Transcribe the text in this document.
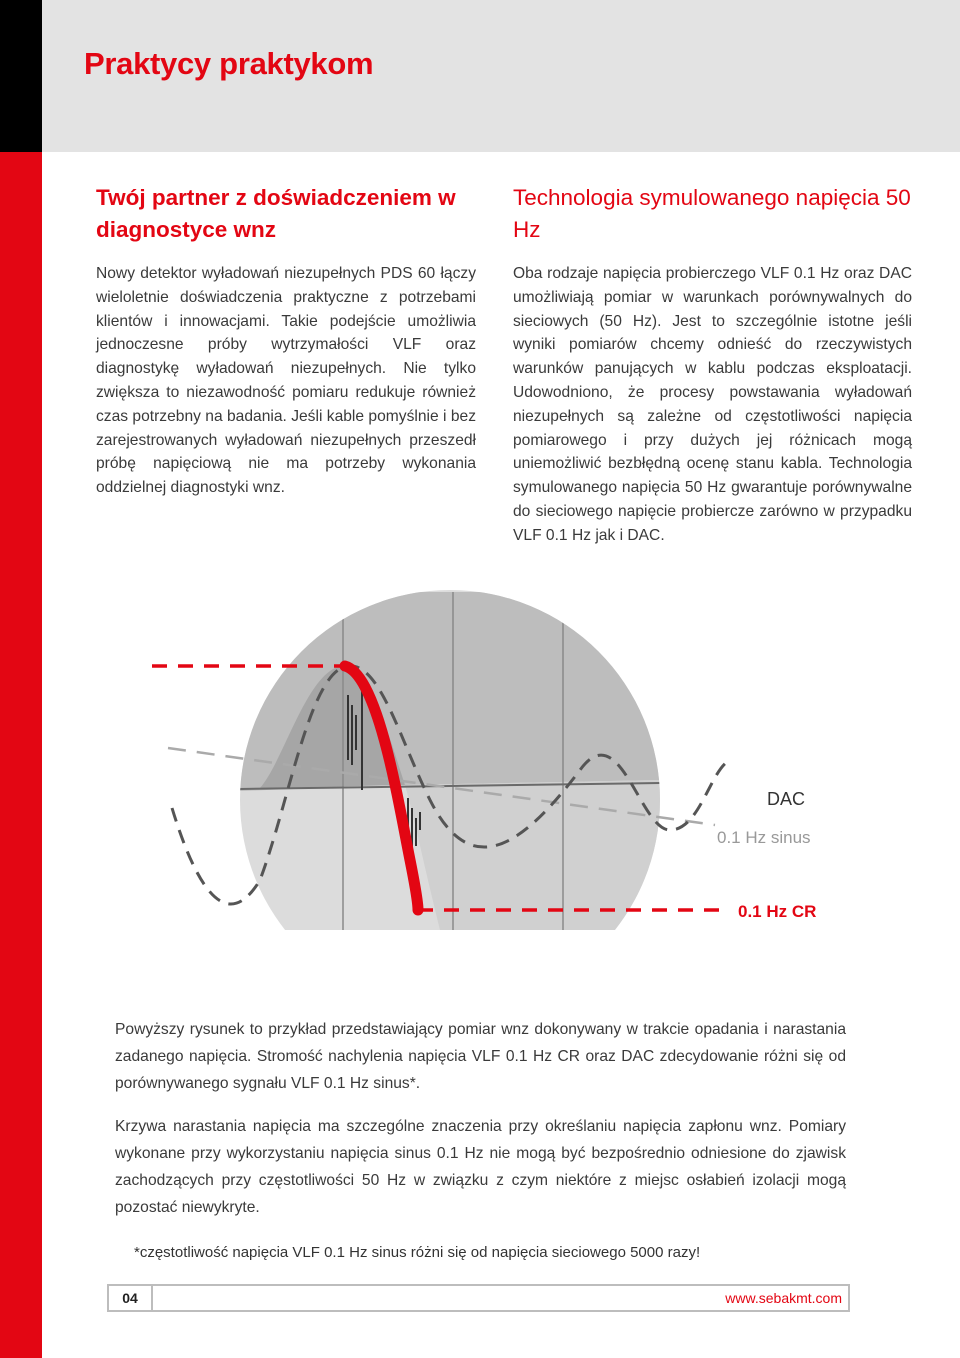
Praktycy praktykom
Twój partner z doświadczeniem w diagnostyce wnz

Nowy detektor wyładowań niezupełnych PDS 60 łączy wieloletnie doświadczenia praktyczne z potrzebami klientów i innowacjami. Takie podejście umożliwia jednoczesne próby wytrzymałości VLF oraz diagnostykę wyładowań niezupełnych. Nie tylko zwiększa to niezawodność pomiaru redukuje również czas potrzebny na badania. Jeśli kable pomyślnie i bez zarejestrowanych wyładowań niezupełnych przeszedł próbę napięciową nie ma potrzeby wykonania oddzielnej diagnostyki wnz.

Technologia symulowanego napięcia 50 Hz

Oba rodzaje napięcia probierczego VLF 0.1 Hz oraz DAC umożliwiają pomiar w warunkach porównywalnych do sieciowych (50 Hz). Jest to szczególnie istotne jeśli wyniki pomiarów chcemy odnieść do rzeczywistych warunków panujących w kablu podczas eksploatacji. Udowodniono, że procesy powstawania wyładowań niezupełnych są zależne od częstotliwości napięcia pomiarowego i przy dużych jej różnicach mogą uniemożliwić bezbłędną ocenę stanu kabla. Technologia symulowanego napięcia 50 Hz gwarantuje porównywalne do sieciowego napięcie probiercze zarówno w przypadku VLF 0.1 Hz jak i DAC.

DAC
0.1 Hz sinus
0.1 Hz CR

Powyższy rysunek to przykład przedstawiający pomiar wnz dokonywany w trakcie opadania i narastania zadanego napięcia. Stromość nachylenia napięcia VLF 0.1 Hz CR oraz DAC zdecydowanie różni się od porównywanego sygnału VLF 0.1 Hz sinus*.

Krzywa narastania napięcia ma szczególne znaczenia przy określaniu napięcia zapłonu wnz. Pomiary wykonane przy wykorzystaniu napięcia sinus 0.1 Hz nie mogą być bezpośrednio odniesione do zjawisk zachodzących przy częstotliwości 50 Hz w związku z czym niektóre z miejsc osłabień izolacji mogą pozostać niewykryte.

*częstotliwość napięcia VLF 0.1 Hz sinus różni się od napięcia sieciowego 5000 razy!

04	www.sebakmt.com
